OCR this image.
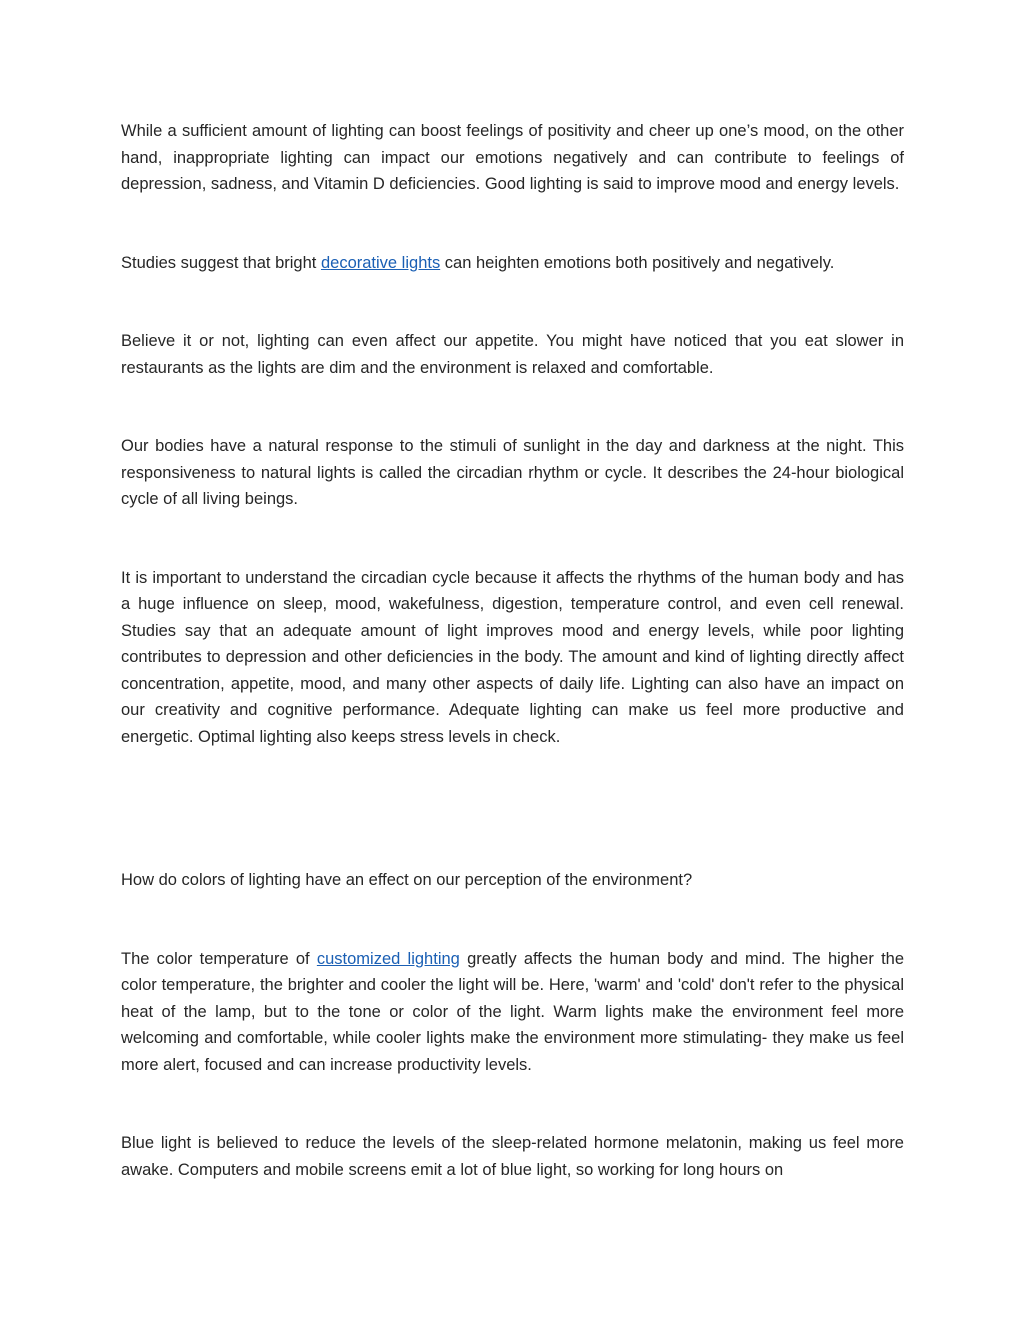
While a sufficient amount of lighting can boost feelings of positivity and cheer up one’s mood, on the other hand, inappropriate lighting can impact our emotions negatively and can contribute to feelings of depression, sadness, and Vitamin D deficiencies. Good lighting is said to improve mood and energy levels.

Studies suggest that bright decorative lights can heighten emotions both positively and negatively.

Believe it or not, lighting can even affect our appetite. You might have noticed that you eat slower in restaurants as the lights are dim and the environment is relaxed and comfortable.

Our bodies have a natural response to the stimuli of sunlight in the day and darkness at the night. This responsiveness to natural lights is called the circadian rhythm or cycle. It describes the 24-hour biological cycle of all living beings.

It is important to understand the circadian cycle because it affects the rhythms of the human body and has a huge influence on sleep, mood, wakefulness, digestion, temperature control, and even cell renewal. Studies say that an adequate amount of light improves mood and energy levels, while poor lighting contributes to depression and other deficiencies in the body. The amount and kind of lighting directly affect concentration, appetite, mood, and many other aspects of daily life. Lighting can also have an impact on our creativity and cognitive performance. Adequate lighting can make us feel more productive and energetic. Optimal lighting also keeps stress levels in check.

How do colors of lighting have an effect on our perception of the environment?

The color temperature of customized lighting greatly affects the human body and mind. The higher the color temperature, the brighter and cooler the light will be. Here, 'warm' and 'cold' don't refer to the physical heat of the lamp, but to the tone or color of the light. Warm lights make the environment feel more welcoming and comfortable, while cooler lights make the environment more stimulating- they make us feel more alert, focused and can increase productivity levels.

Blue light is believed to reduce the levels of the sleep-related hormone melatonin, making us feel more awake. Computers and mobile screens emit a lot of blue light, so working for long hours on
